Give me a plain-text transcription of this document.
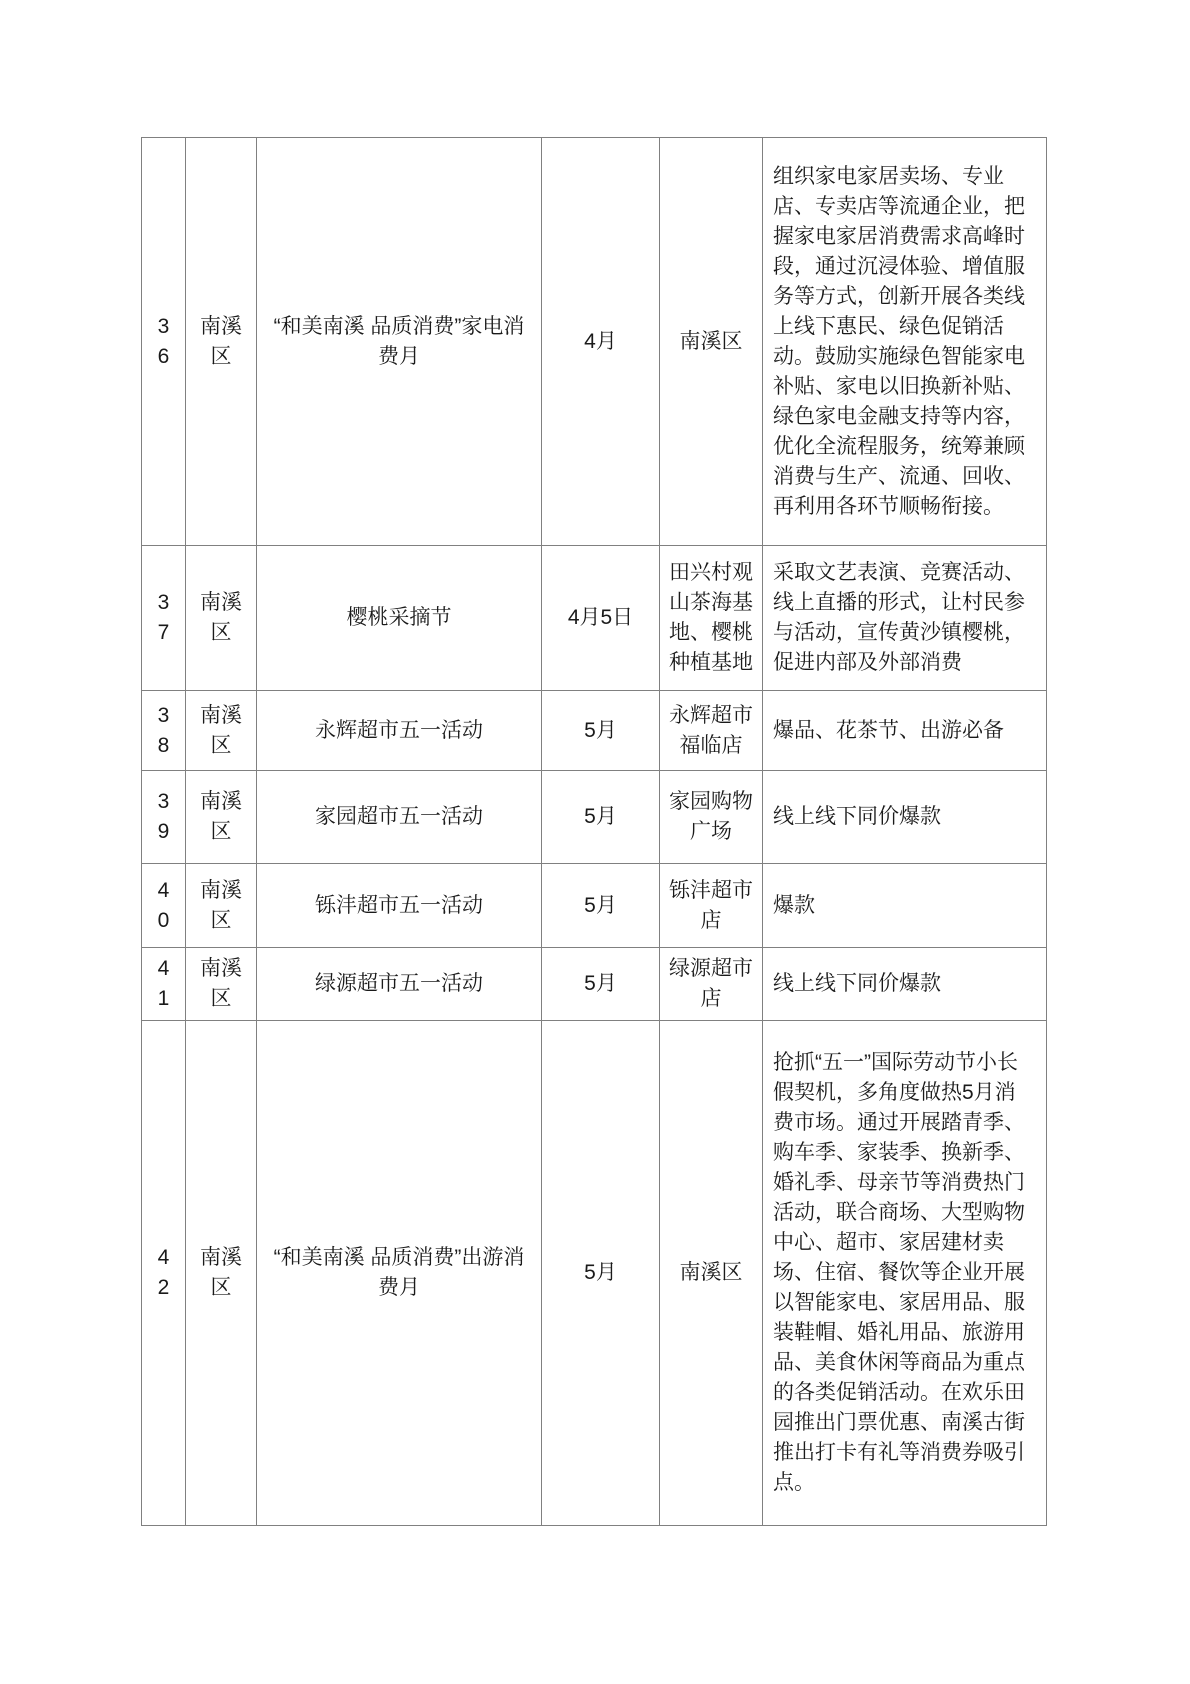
36	南溪区	“和美南溪 品质消费”家电消费月	4月	南溪区	组织家电家居卖场、专业店、专卖店等流通企业，把握家电家居消费需求高峰时段，通过沉浸体验、增值服务等方式，创新开展各类线上线下惠民、绿色促销活动。鼓励实施绿色智能家电补贴、家电以旧换新补贴、绿色家电金融支持等内容，优化全流程服务，统筹兼顾消费与生产、流通、回收、再利用各环节顺畅衔接。
37	南溪区	樱桃采摘节	4月5日	田兴村观山茶海基地、樱桃种植基地	采取文艺表演、竞赛活动、线上直播的形式，让村民参与活动，宣传黄沙镇樱桃，促进内部及外部消费
38	南溪区	永辉超市五一活动	5月	永辉超市福临店	爆品、花茶节、出游必备
39	南溪区	家园超市五一活动	5月	家园购物广场	线上线下同价爆款
40	南溪区	铄沣超市五一活动	5月	铄沣超市店	爆款
41	南溪区	绿源超市五一活动	5月	绿源超市店	线上线下同价爆款
42	南溪区	“和美南溪 品质消费”出游消费月	5月	南溪区	抢抓“五一”国际劳动节小长假契机，多角度做热5月消费市场。通过开展踏青季、购车季、家装季、换新季、婚礼季、母亲节等消费热门活动，联合商场、大型购物中心、超市、家居建材卖场、住宿、餐饮等企业开展以智能家电、家居用品、服装鞋帽、婚礼用品、旅游用品、美食休闲等商品为重点的各类促销活动。在欢乐田园推出门票优惠、南溪古街推出打卡有礼等消费券吸引点。
